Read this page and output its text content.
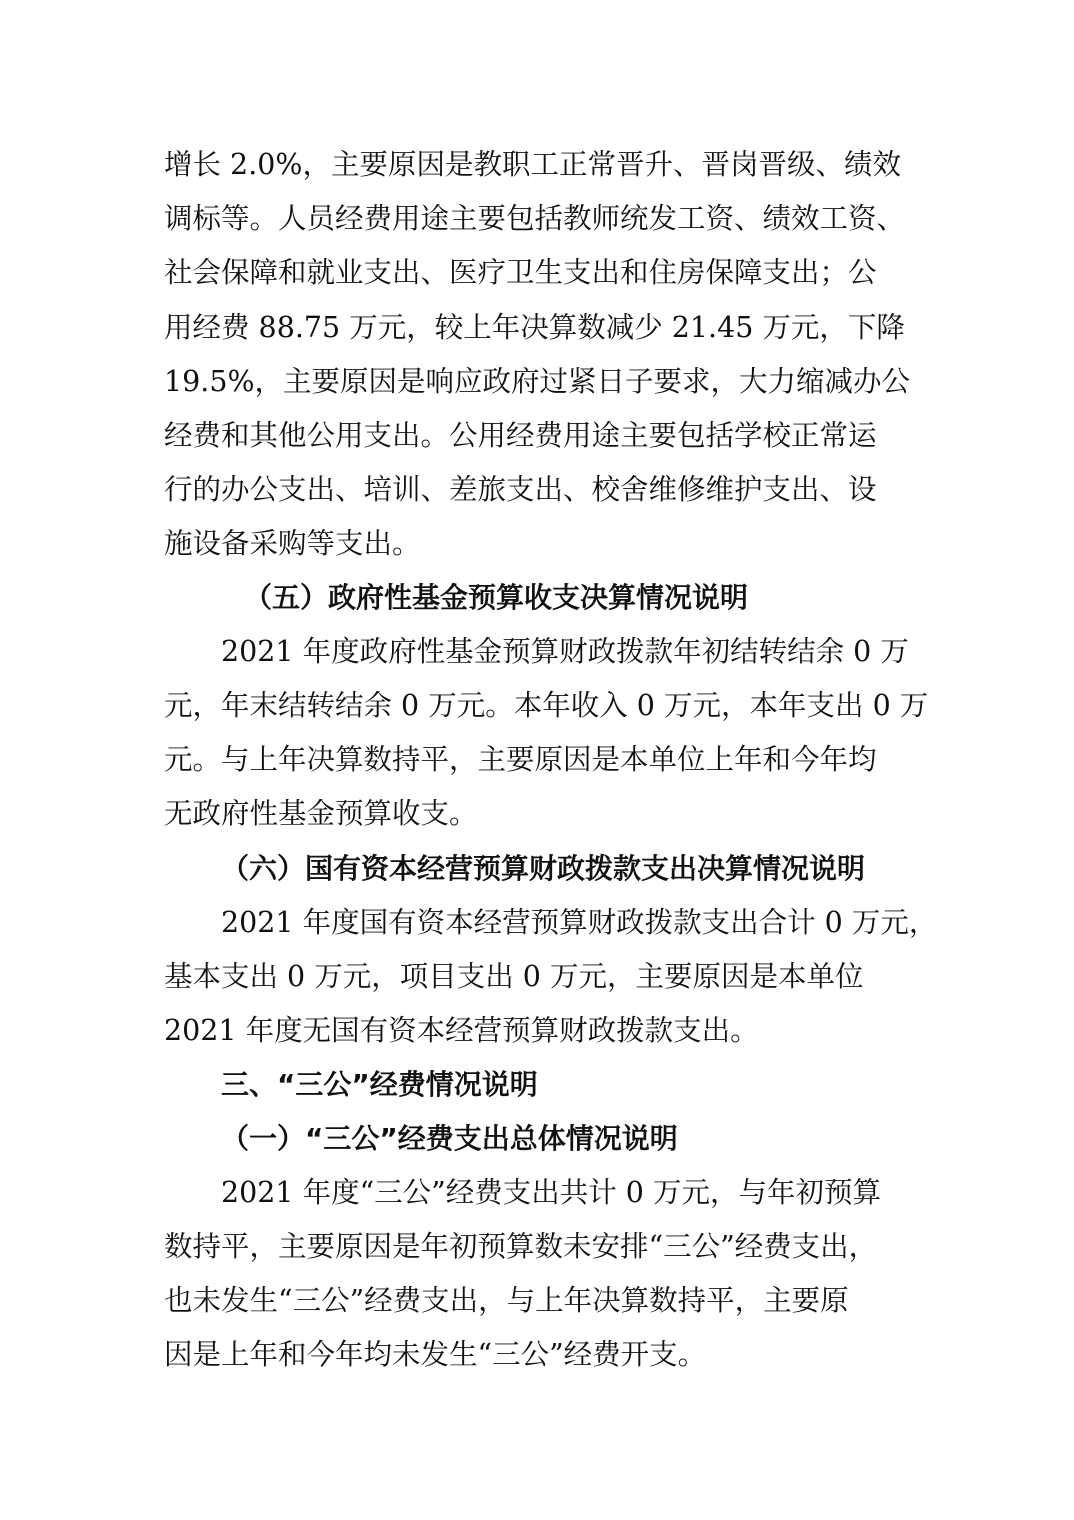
增长 2.0%，主要原因是教职工正常晋升、晋岗晋级、绩效
调标等。人员经费用途主要包括教师统发工资、绩效工资、
社会保障和就业支出、医疗卫生支出和住房保障支出；公
用经费 88.75 万元，较上年决算数减少 21.45 万元，下降
19.5%，主要原因是响应政府过紧日子要求，大力缩减办公
经费和其他公用支出。公用经费用途主要包括学校正常运
行的办公支出、培训、差旅支出、校舍维修维护支出、设
施设备采购等支出。
（五）政府性基金预算收支决算情况说明
2021 年度政府性基金预算财政拨款年初结转结余 0 万
元，年末结转结余 0 万元。本年收入 0 万元，本年支出 0 万
元。与上年决算数持平，主要原因是本单位上年和今年均
无政府性基金预算收支。
（六）国有资本经营预算财政拨款支出决算情况说明
2021 年度国有资本经营预算财政拨款支出合计 0 万元，
基本支出 0 万元，项目支出 0 万元，主要原因是本单位
2021 年度无国有资本经营预算财政拨款支出。
三、“三公”经费情况说明
（一）“三公”经费支出总体情况说明
2021 年度“三公”经费支出共计 0 万元，与年初预算
数持平，主要原因是年初预算数未安排“三公”经费支出，
也未发生“三公”经费支出，与上年决算数持平，主要原
因是上年和今年均未发生“三公”经费开支。
